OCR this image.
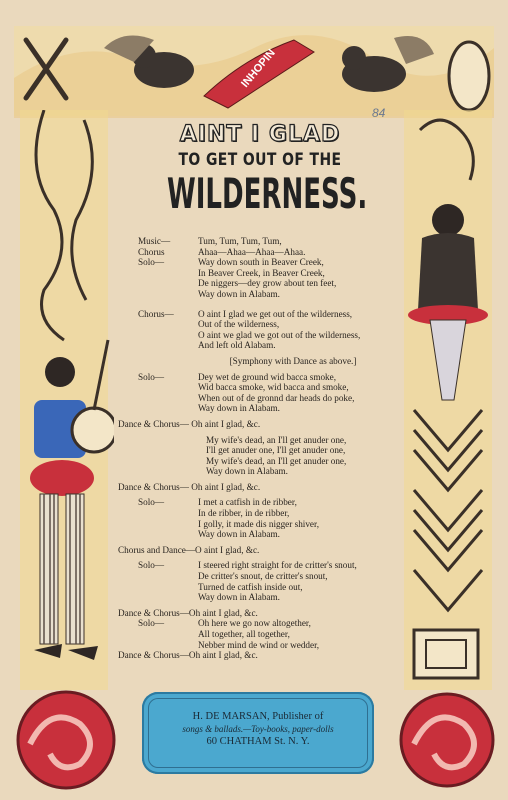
INHOPIN
84
AINT I GLAD
TO GET OUT OF THE
WILDERNESS.
Music—	Tum, Tum, Tum, Tum,
Chorus	Ahaa—Ahaa—Ahaa—Ahaa.
Solo—	Way down south in Beaver Creek,
In Beaver Creek, in Beaver Creek,
De niggers—dey grow about ten feet,
Way down in Alabam.
Chorus—	O aint I glad we get out of the wilderness,
Out of the wilderness,
O aint we glad we got out of the wilderness,
And left old Alabam.
[Symphony with Dance as above.]
Solo—	Dey wet de ground wid bacca smoke,
Wid bacca smoke, wid bacca and smoke,
When out of de gronnd dar heads do poke,
Way down in Alabam.
Dance & Chorus— Oh aint I glad, &c.
My wife's dead, an I'll get anuder one,
I'll get anuder one, I'll get anuder one,
My wife's dead, an I'll get anuder one,
Way down in Alabam.
Dance & Chorus— Oh aint I glad, &c.
Solo—	I met a catfish in de ribber,
In de ribber, in de ribber,
I golly, it made dis nigger shiver,
Way down in Alabam.
Chorus and Dance—O aint I glad, &c.
Solo—	I steered right straight for de critter's snout,
De critter's snout, de critter's snout,
Turned de catfish inside out,
Way down in Alabam.
Dance & Chorus—Oh aint I glad, &c.
Solo—	Oh here we go now altogether,
All together, all together,
Nebber mind de wind or wedder,
Dance & Chorus—Oh aint I glad, &c.
H. DE MARSAN, Publisher of
songs & ballads.—Toy-books, paper-dolls
60 CHATHAM St. N. Y.
